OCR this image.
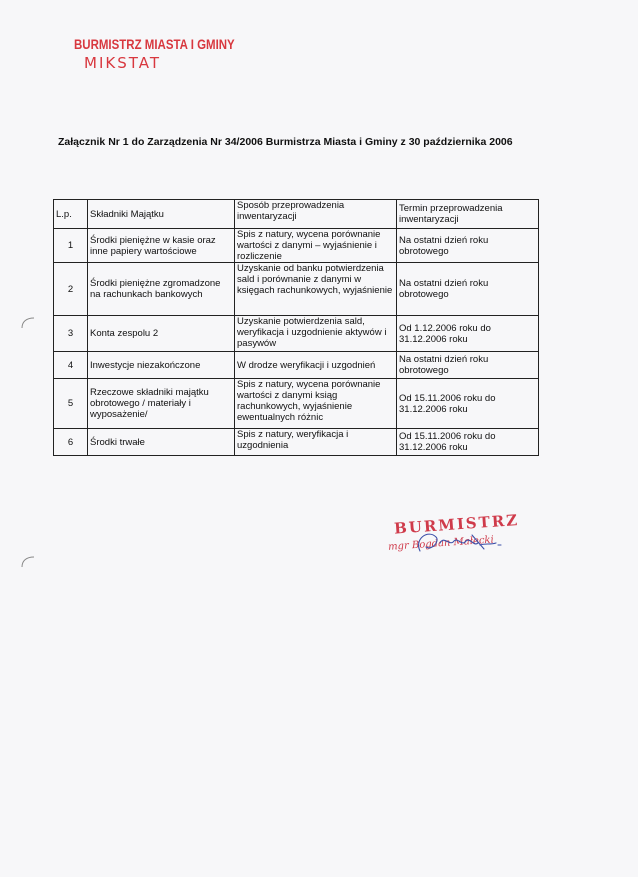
BURMISTRZ MIASTA I GMINY
MIKSTAT
Załącznik Nr 1 do Zarządzenia Nr 34/2006 Burmistrza Miasta i Gminy z 30 października 2006
L.p.	Składniki Majątku	Sposób przeprowadzenia inwentaryzacji	Termin przeprowadzenia inwentaryzacji
1	Środki pieniężne w kasie oraz inne papiery wartościowe	Spis z natury, wycena porównanie wartości z danymi – wyjaśnienie i rozliczenie	Na ostatni dzień roku obrotowego
2	Środki pieniężne zgromadzone na rachunkach bankowych	Uzyskanie od banku potwierdzenia sald i porównanie z danymi w księgach rachunkowych, wyjaśnienie	Na ostatni dzień roku obrotowego
3	Konta zespolu 2	Uzyskanie potwierdzenia sald, weryfikacja i uzgodnienie aktywów i pasywów	Od 1.12.2006 roku do 31.12.2006 roku
4	Inwestycje niezakończone	W drodze weryfikacji i uzgodnień	Na ostatni dzień roku obrotowego
5	Rzeczowe składniki majątku obrotowego / materiały i wyposażenie/	Spis z natury, wycena porównanie wartości z danymi ksiąg rachunkowych, wyjaśnienie ewentualnych różnic	Od 15.11.2006 roku do 31.12.2006 roku
6	Środki trwałe	Spis z natury, weryfikacja i uzgodnienia	Od 15.11.2006 roku do 31.12.2006 roku
BURMISTRZ
mgr Bogdan Małecki
